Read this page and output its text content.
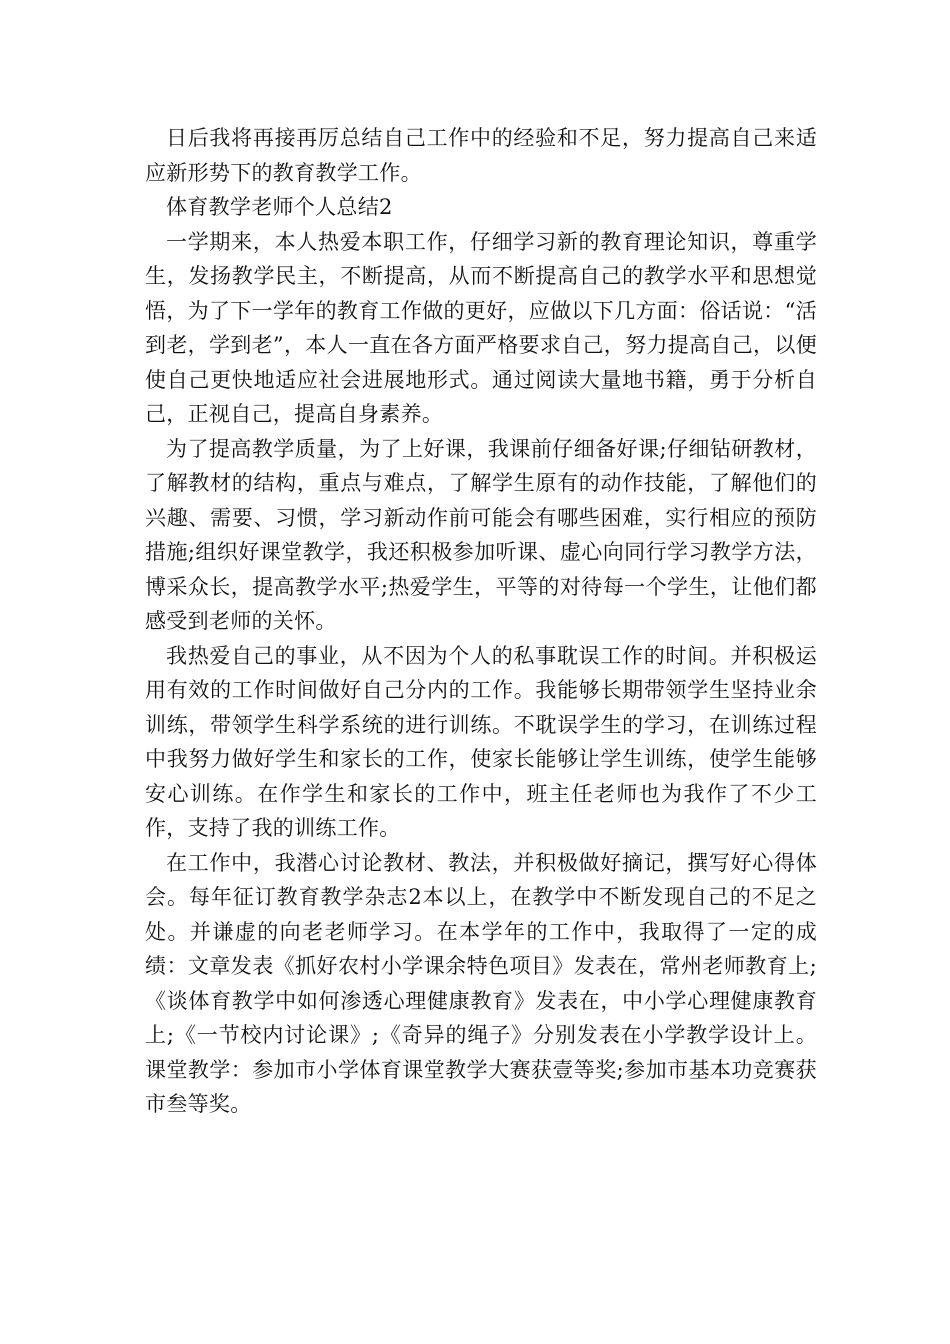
日后我将再接再厉总结自己工作中的经验和不足，努力提高自己来适应新形势下的教育教学工作。

体育教学老师个人总结2

一学期来，本人热爱本职工作，仔细学习新的教育理论知识，尊重学生，发扬教学民主，不断提高，从而不断提高自己的教学水平和思想觉悟，为了下一学年的教育工作做的更好，应做以下几方面：俗话说：“活到老，学到老”，本人一直在各方面严格要求自己，努力提高自己，以便使自己更快地适应社会进展地形式。通过阅读大量地书籍，勇于分析自己，正视自己，提高自身素养。

为了提高教学质量，为了上好课，我课前仔细备好课;仔细钻研教材，了解教材的结构，重点与难点，了解学生原有的动作技能，了解他们的兴趣、需要、习惯，学习新动作前可能会有哪些困难，实行相应的预防措施;组织好课堂教学，我还积极参加听课、虚心向同行学习教学方法，博采众长，提高教学水平;热爱学生，平等的对待每一个学生，让他们都感受到老师的关怀。

我热爱自己的事业，从不因为个人的私事耽误工作的时间。并积极运用有效的工作时间做好自己分内的工作。我能够长期带领学生坚持业余训练，带领学生科学系统的进行训练。不耽误学生的学习，在训练过程中我努力做好学生和家长的工作，使家长能够让学生训练，使学生能够安心训练。在作学生和家长的工作中，班主任老师也为我作了不少工作，支持了我的训练工作。

在工作中，我潜心讨论教材、教法，并积极做好摘记，撰写好心得体会。每年征订教育教学杂志2本以上，在教学中不断发现自己的不足之处。并谦虚的向老老师学习。在本学年的工作中，我取得了一定的成绩：文章发表《抓好农村小学课余特色项目》发表在，常州老师教育上;《谈体育教学中如何渗透心理健康教育》发表在，中小学心理健康教育上;《一节校内讨论课》;《奇异的绳子》分别发表在小学教学设计上。课堂教学：参加市小学体育课堂教学大赛获壹等奖;参加市基本功竞赛获市叁等奖。
